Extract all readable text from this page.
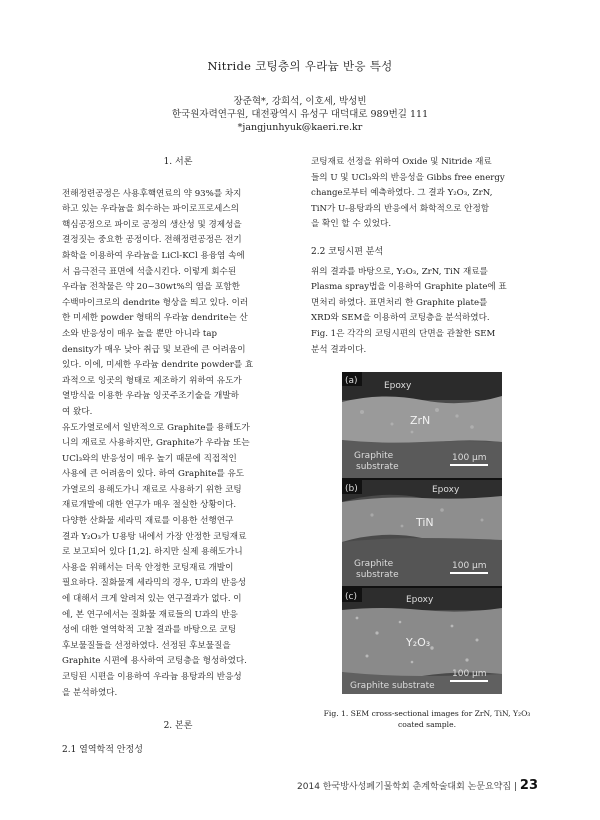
Nitride 코팅층의 우라늄 반응 특성
장준혁*, 강희석, 이호세, 박성빈
한국원자력연구원, 대전광역시 유성구 대덕대로 989번길 111
*jangjunhyuk@kaeri.re.kr
1. 서론
전해정련공정은 사용후핵연료의 약 93%를 차지
하고 있는 우라늄을 회수하는 파이로프로세스의
핵심공정으로 파이로 공정의 생산성 및 경제성을
결정짓는 중요한 공정이다. 전해정련공정은 전기
화학을 이용하여 우라늄을 LiCl-KCl 용융염 속에
서 음극전극 표면에 석출시킨다. 이렇게 회수된
우라늄 전착물은 약 20~30wt%의 염을 포함한
수백마이크로의 dendrite 형상을 띄고 있다. 이러
한 미세한 powder 형태의 우라늄 dendrite는 산
소와 반응성이 매우 높을 뿐만 아니라 tap
density가 매우 낮아 취급 및 보관에 큰 어려움이
있다. 이에, 미세한 우라늄 dendrite powder를 효
과적으로 잉곳의 형태로 제조하기 위하여 유도가
열방식을 이용한 우라늄 잉곳주조기술을 개발하
여 왔다.
유도가열로에서 일반적으로 Graphite를 용해도가
니의 재료로 사용하지만, Graphite가 우라늄 또는
UCl₃와의 반응성이 매우 높기 때문에 직접적인
사용에 큰 어려움이 있다. 하여 Graphite를 유도
가열로의 용해도가니 재료로 사용하기 위한 코팅
재료개발에 대한 연구가 매우 절실한 상황이다.
다양한 산화물 세라믹 재료를 이용한 선행연구
결과 Y₂O₃가 U용탕 내에서 가장 안정한 코팅재료
로 보고되어 있다 [1,2]. 하지만 실제 용해도가니
사용을 위해서는 더욱 안정한 코팅재료 개발이
필요하다. 질화물계 세라믹의 경우, U과의 반응성
에 대해서 크게 알려져 있는 연구결과가 없다. 이
에, 본 연구에서는 질화물 재료들의 U과의 반응
성에 대한 열역학적 고찰 결과를 바탕으로 코팅
후보물질들을 선정하였다. 선정된 후보물질을
Graphite 시편에 용사하여 코팅층을 형성하였다.
코팅된 시편을 이용하여 우라늄 용탕과의 반응성
을 분석하였다.
2. 본론
2.1 열역학적 안정성
코팅재료 선정을 위하여 Oxide 및 Nitride 재료
들의 U 및 UCl₃와의 반응성을 Gibbs free energy
change로부터 예측하였다. 그 결과 Y₂O₃, ZrN,
TiN가 U-용탕과의 반응에서 화학적으로 안정함
을 확인 할 수 있었다.
2.2 코팅시편 분석
위의 결과를 바탕으로, Y₂O₃, ZrN, TiN 재료를
Plasma spray법을 이용하여 Graphite plate에 표
면처리 하였다. 표면처리 한 Graphite plate를
XRD와 SEM을 이용하여 코팅층을 분석하였다.
Fig. 1은 각각의 코팅시편의 단면을 관찰한 SEM
분석 결과이다.
(a)	Epoxy
ZrN
Graphite
substrate
100 μm
(b)	Epoxy
TiN
Graphite
substrate
100 μm
(c)	Epoxy
Y₂O₃
Graphite substrate
100 μm
Fig. 1. SEM cross-sectional images for ZrN, TiN, Y₂O₃
coated sample.
2014 한국방사성폐기물학회 춘계학술대회 논문요약집 | 23
